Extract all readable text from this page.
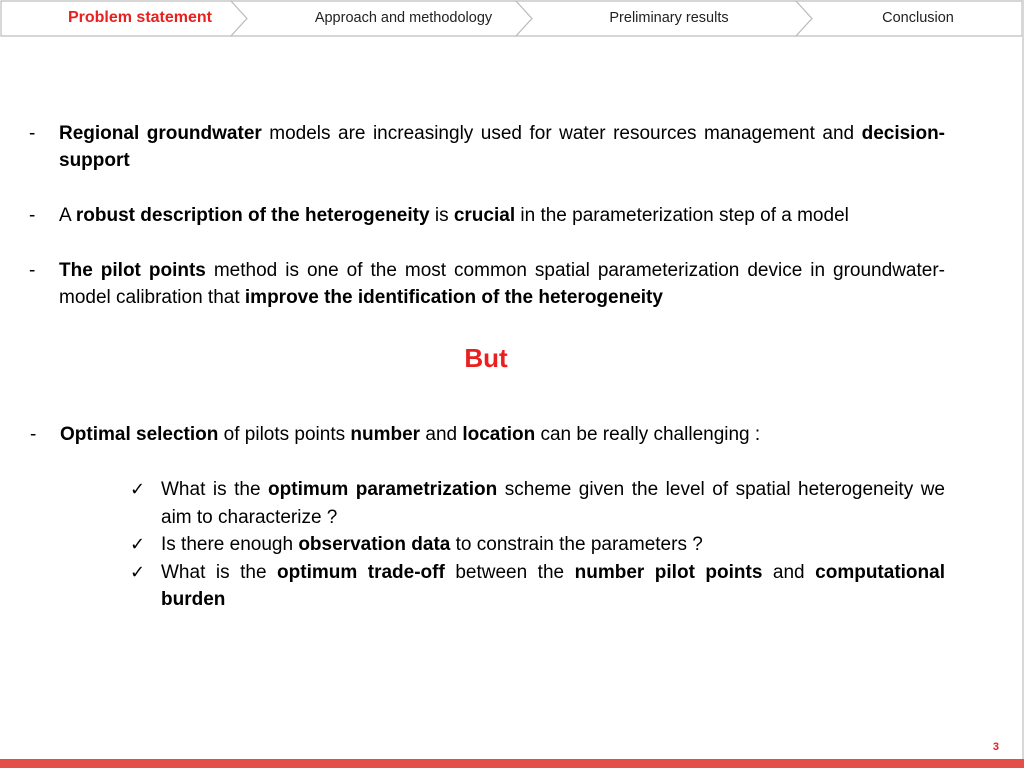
Problem statement	Approach and methodology	Preliminary results	Conclusion
- Regional groundwater models are increasingly used for water resources management and decision-support
- A robust description of the heterogeneity is crucial in the parameterization step of a model
- The pilot points method is one of the most common spatial parameterization device in groundwater-model calibration that improve the identification of the heterogeneity
But
- Optimal selection of pilots points number and location can be really challenging :
✓ What is the optimum parametrization scheme given the level of spatial heterogeneity we aim to characterize ?
✓ Is there enough observation data to constrain the parameters ?
✓ What is the optimum trade-off between the number pilot points and computational burden
3
